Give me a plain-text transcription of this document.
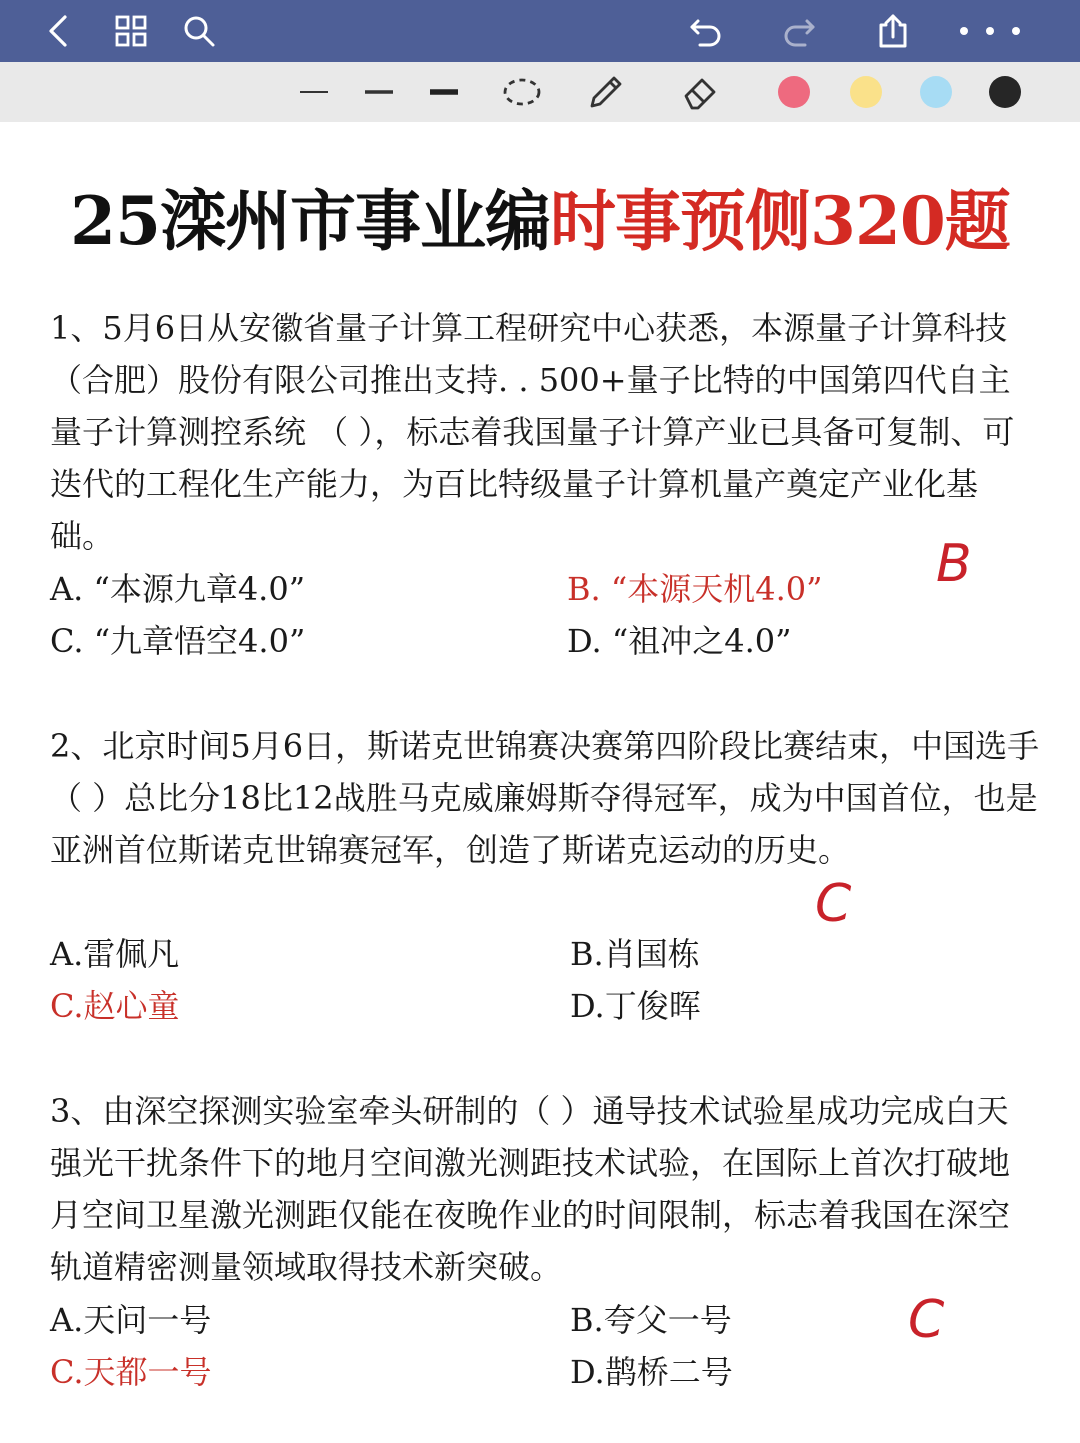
25滦州市事业编时事预侧320题
1、5月6日从安徽省量子计算工程研究中心获悉，本源量子计算科技（合肥）股份有限公司推出支持. . 500+量子比特的中国第四代自主量子计算测控系统 （ ），标志着我国量子计算产业已具备可复制、可迭代的工程化生产能力，为百比特级量子计算机量产奠定产业化基础。
A. “本源九章4.0”	B. “本源天机4.0”
C. “九章悟空4.0”	D. “祖冲之4.0”
B
2、北京时间5月6日，斯诺克世锦赛决赛第四阶段比赛结束，中国选手（ ）总比分18比12战胜马克威廉姆斯夺得冠军，成为中国首位，也是亚洲首位斯诺克世锦赛冠军，创造了斯诺克运动的历史。
A.雷佩凡	B.肖国栋
C.赵心童	D.丁俊晖
C
3、由深空探测实验室牵头研制的（ ）通导技术试验星成功完成白天强光干扰条件下的地月空间激光测距技术试验，在国际上首次打破地月空间卫星激光测距仅能在夜晚作业的时间限制，标志着我国在深空轨道精密测量领域取得技术新突破。
A.天问一号	B.夸父一号
C.天都一号	D.鹊桥二号
C
